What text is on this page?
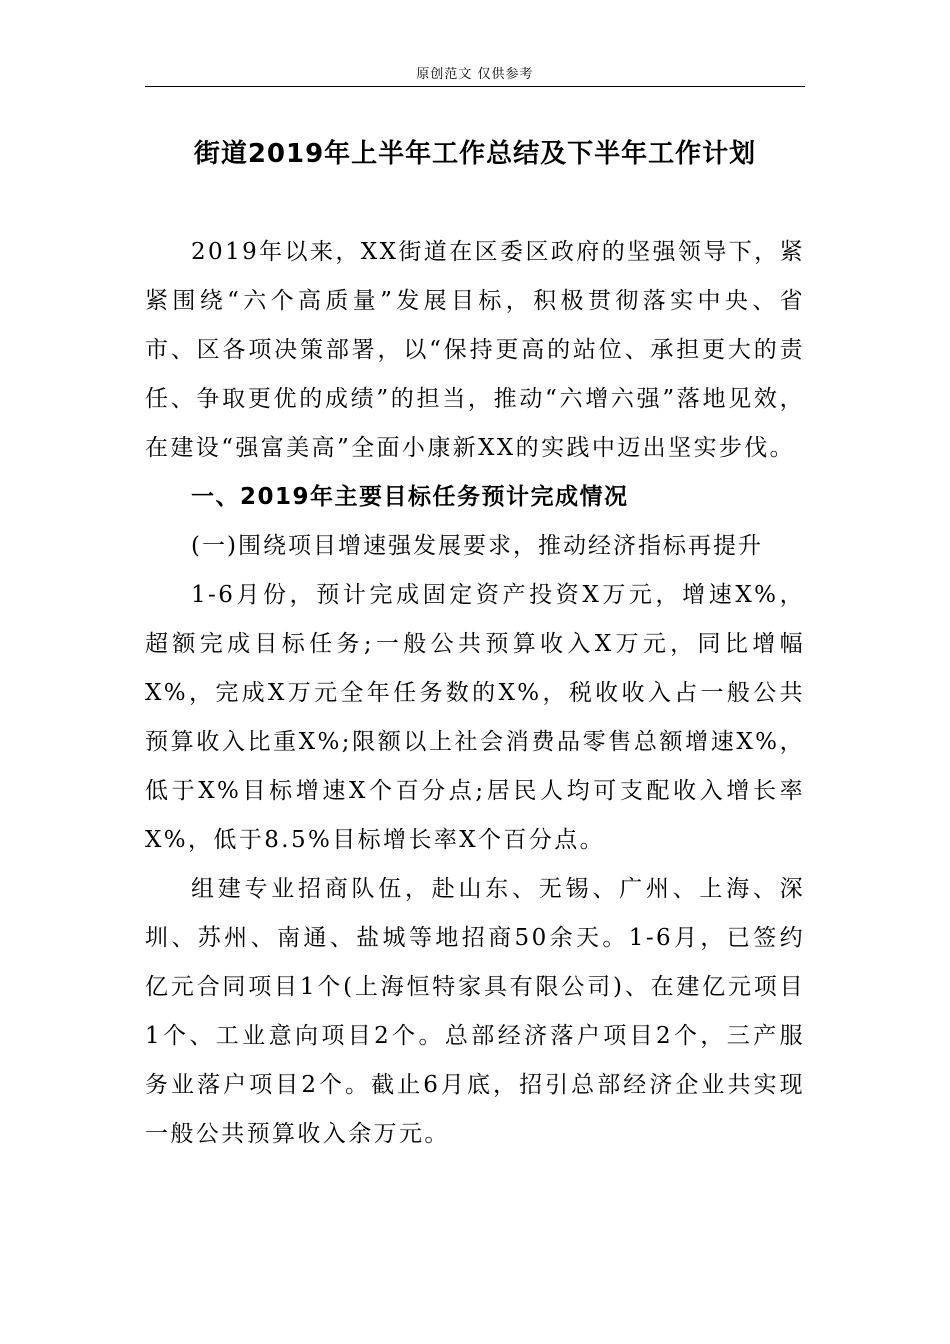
原创范文 仅供参考
街道2019年上半年工作总结及下半年工作计划

2019年以来，XX街道在区委区政府的坚强领导下，紧紧围绕“六个高质量”发展目标，积极贯彻落实中央、省市、区各项决策部署，以“保持更高的站位、承担更大的责任、争取更优的成绩”的担当，推动“六增六强”落地见效，在建设“强富美高”全面小康新XX的实践中迈出坚实步伐。

一、2019年主要目标任务预计完成情况

(一)围绕项目增速强发展要求，推动经济指标再提升

1-6月份，预计完成固定资产投资X万元，增速X%，超额完成目标任务;一般公共预算收入X万元，同比增幅X%，完成X万元全年任务数的X%，税收收入占一般公共预算收入比重X%;限额以上社会消费品零售总额增速X%，低于X%目标增速X个百分点;居民人均可支配收入增长率X%，低于8.5%目标增长率X个百分点。

组建专业招商队伍，赴山东、无锡、广州、上海、深圳、苏州、南通、盐城等地招商50余天。1-6月，已签约亿元合同项目1个(上海恒特家具有限公司)、在建亿元项目1个、工业意向项目2个。总部经济落户项目2个，三产服务业落户项目2个。截止6月底，招引总部经济企业共实现一般公共预算收入余万元。
